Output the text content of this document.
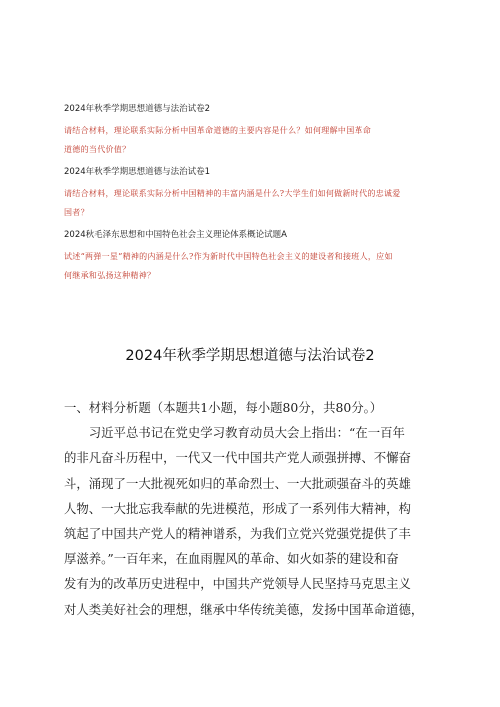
2024年秋季学期思想道德与法治试卷2

请结合材料，理论联系实际分析中国革命道德的主要内容是什么？如何理解中国革命
道德的当代价值？

2024年秋季学期思想道德与法治试卷1

请结合材料，理论联系实际分析中国精神的丰富内涵是什么?大学生们如何做新时代的忠诚爱
国者？

2024秋毛泽东思想和中国特色社会主义理论体系概论试题A

试述“两弹一星”精神的内涵是什么?作为新时代中国特色社会主义的建设者和接班人，应如
何继承和弘扬这种精神？

2024年秋季学期思想道德与法治试卷2
一、材料分析题（本题共1小题，每小题80分，共80分。）
　　习近平总书记在党史学习教育动员大会上指出：“在一百年
的非凡奋斗历程中，一代又一代中国共产党人顽强拼搏、不懈奋
斗，涌现了一大批视死如归的革命烈士、一大批顽强奋斗的英雄
人物、一大批忘我奉献的先进模范，形成了一系列伟大精神，构
筑起了中国共产党人的精神谱系，为我们立党兴党强党提供了丰
厚滋养。”一百年来，在血雨腥风的革命、如火如荼的建设和奋
发有为的改革历史进程中，中国共产党领导人民坚持马克思主义
对人类美好社会的理想，继承中华传统美德，发扬中国革命道德，
